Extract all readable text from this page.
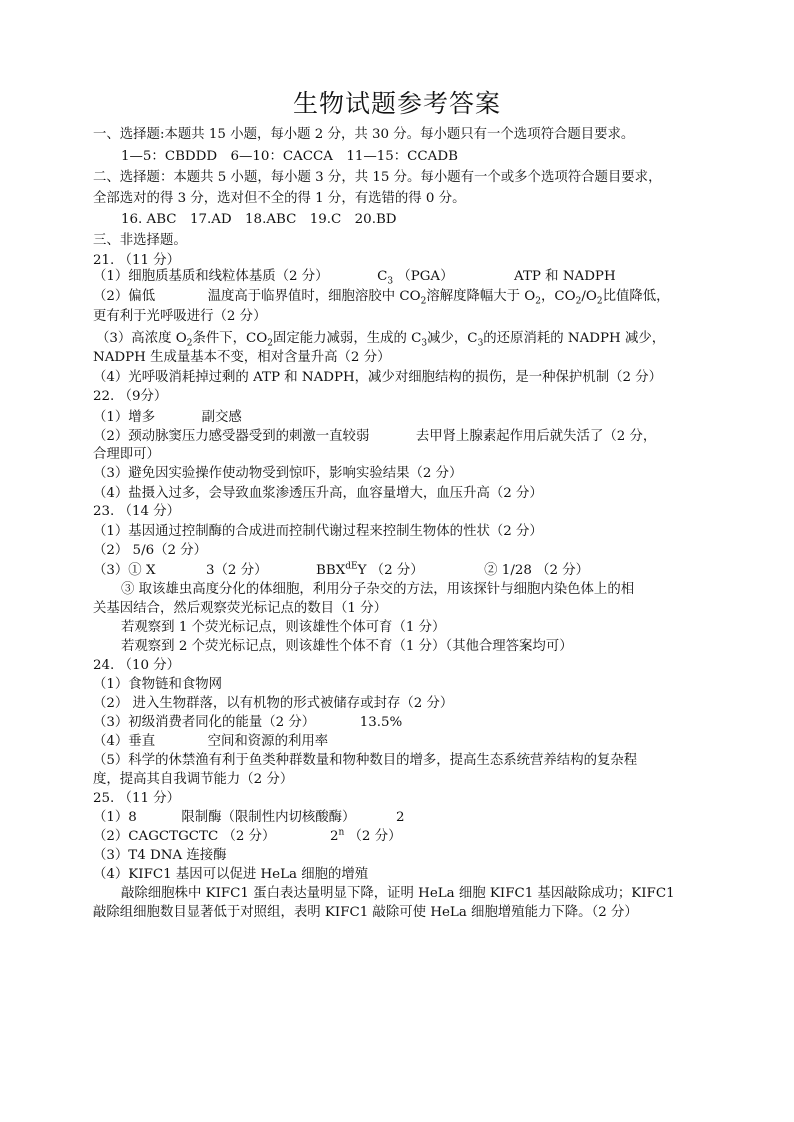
生物试题参考答案
一、选择题:本题共 15 小题，每小题 2 分，共 30 分。每小题只有一个选项符合题目要求。
1—5：CBDDD　6—10：CACCA　11—15：CCADB
二、选择题：本题共 5 小题，每小题 3 分，共 15 分。每小题有一个或多个选项符合题目要求，
全部选对的得 3 分，选对但不全的得 1 分，有选错的得 0 分。
16. ABC　17.AD　18.ABC　19.C　20.BD
三、非选择题。
21. （11 分）
（1）细胞质基质和线粒体基质（2 分）	$C_3$ （PGA）	ATP 和 NADPH
（2）偏低	温度高于临界值时，细胞溶胶中 $CO_2$溶解度降幅大于 $O_2$，$CO_2/O_2$比值降低，
更有利于光呼吸进行（2 分）
（3）高浓度 $O_2$条件下，$CO_2$固定能力减弱，生成的 $C_3$减少，$C_3$的还原消耗的 NADPH 减少，
NADPH 生成量基本不变，相对含量升高（2 分）
（4）光呼吸消耗掉过剩的 ATP 和 NADPH，减少对细胞结构的损伤，是一种保护机制（2 分）
22. （9分）
（1）增多	副交感
（2）颈动脉窦压力感受器受到的刺激一直较弱	去甲肾上腺素起作用后就失活了（2 分，
合理即可）
（3）避免因实验操作使动物受到惊吓，影响实验结果（2 分）
（4）盐摄入过多，会导致血浆渗透压升高，血容量增大，血压升高（2 分）
23. （14 分）
（1）基因通过控制酶的合成进而控制代谢过程来控制生物体的性状（2 分）
（2） 5/6（2 分）
（3）① X	3（2 分）	$BBX^{dE}Y$ （2 分）	② 1/28 （2 分）
③ 取该雄虫高度分化的体细胞，利用分子杂交的方法，用该探针与细胞内染色体上的相
关基因结合，然后观察荧光标记点的数目（1 分）
若观察到 1 个荧光标记点，则该雄性个体可育（1 分）
若观察到 2 个荧光标记点，则该雄性个体不育（1 分）（其他合理答案均可）
24. （10 分）
（1）食物链和食物网
（2） 进入生物群落，以有机物的形式被储存或封存（2 分）
（3）初级消费者同化的能量（2 分）	13.5%
（4）垂直	空间和资源的利用率
（5）科学的休禁渔有利于鱼类种群数量和物种数目的增多，提高生态系统营养结构的复杂程
度，提高其自我调节能力（2 分）
25. （11 分）
（1）8	限制酶（限制性内切核酸酶）	2
（2）CAGCTGCTC （2 分）	2$^n$ （2 分）
（3）T4 DNA 连接酶
（4）KIFC1 基因可以促进 HeLa 细胞的增殖
敲除细胞株中 KIFC1 蛋白表达量明显下降，证明 HeLa 细胞 KIFC1 基因敲除成功；KIFC1
敲除组细胞数目显著低于对照组，表明 KIFC1 敲除可使 HeLa 细胞增殖能力下降。（2 分）
